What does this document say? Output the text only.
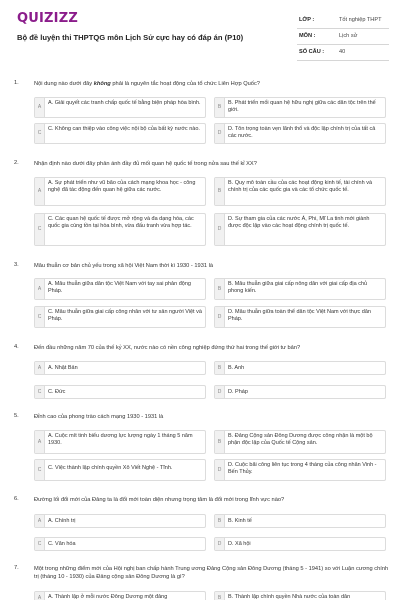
QUIZIZZ
Bộ đề luyện thi THPTQG môn Lịch Sử cực hay có đáp án (P10)
LỚP :	Tốt nghiệp THPT
MÔN :	Lịch sử
SỐ CÂU :	40
1.	Nội dung nào dưới đây không phải là nguyên tắc hoạt động của tổ chức Liên Hợp Quốc?
A
A. Giải quyết các tranh chấp quốc tế bằng biện pháp hòa bình.
B
B. Phát triển mối quan hệ hữu nghị giữa các dân tộc trên thế giới.
C
C. Không can thiệp vào công việc nội bộ của bất kỳ nước nào.
D
D. Tôn trọng toàn vẹn lãnh thổ và độc lập chính trị của tất cả các nước.
2.	Nhận định nào dưới đây phản ánh đầy đủ mối quan hệ quốc tế trong nửa sau thế kỉ XX?
A
A. Sự phát triển như vũ bão của cách mạng khoa học - công nghệ đã tác động đến quan hệ giữa các nước.	B
B. Quy mô toàn cầu của các hoạt động kinh tế, tài chính và chính trị của các quốc gia và các tổ chức quốc tế.
C
C. Các quan hệ quốc tế được mở rộng và đa dạng hóa, các quốc gia cùng tồn tại hòa bình, vừa đấu tranh vừa hợp tác.	D
D. Sự tham gia của các nước Á, Phi, Mĩ La tinh mới giành được độc lập vào các hoạt động chính trị quốc tế.
3.	Mâu thuẫn cơ bản chủ yếu trong xã hội Việt Nam thời kì 1930 - 1931 là
A
A. Mâu thuẫn giữa dân tộc Việt Nam với tay sai phản động Pháp.	B
B. Mâu thuẫn giữa giai cấp nông dân với giai cấp địa chủ phong kiến.
C
C. Mâu thuẫn giữa giai cấp công nhân với tư sản người Việt và Pháp.	D
D. Mâu thuẫn giữa toàn thể dân tộc Việt Nam với thực dân Pháp.
4.	Đến đầu những năm 70 của thế kỷ XX, nước nào có nền công nghiệp đứng thứ hai trong thế giới tư bản?
A	A. Nhật Bản	B	B. Anh
C	C. Đức	D	D. Pháp
5.	Đỉnh cao của phong trào cách mạng 1930 - 1931 là
A
A. Cuộc mít tinh biểu dương lực lượng ngày 1 tháng 5 năm 1930.	B
B. Đảng Cộng sản Đông Dương được công nhận là một bộ phận độc lập của Quốc tế Cộng sản.
C	C. Việc thành lập chính quyền Xô Viết Nghệ - Tĩnh.	D
D. Cuộc bãi công liên tục trong 4 tháng của công nhân Vinh - Bến Thủy.
6.	Đường lối đổi mới của Đảng ta là đổi mới toàn diện nhưng trọng tâm là đổi mới trong lĩnh vực nào?
A	A. Chính trị	B	B. Kinh tế
C	C. Văn hóa	D	D. Xã hội
7.	Một trong những điểm mới của Hội nghị ban chấp hành Trung ương Đảng Cộng sản Đông Dương (tháng 5 - 1941) so với Luận cương chính trị (tháng 10 - 1930) của Đảng cộng sản Đông Dương là gì?
A	A. Thành lập ở mỗi nước Đông Dương một đảng	B	B. Thành lập chính quyền Nhà nước của toàn dân
